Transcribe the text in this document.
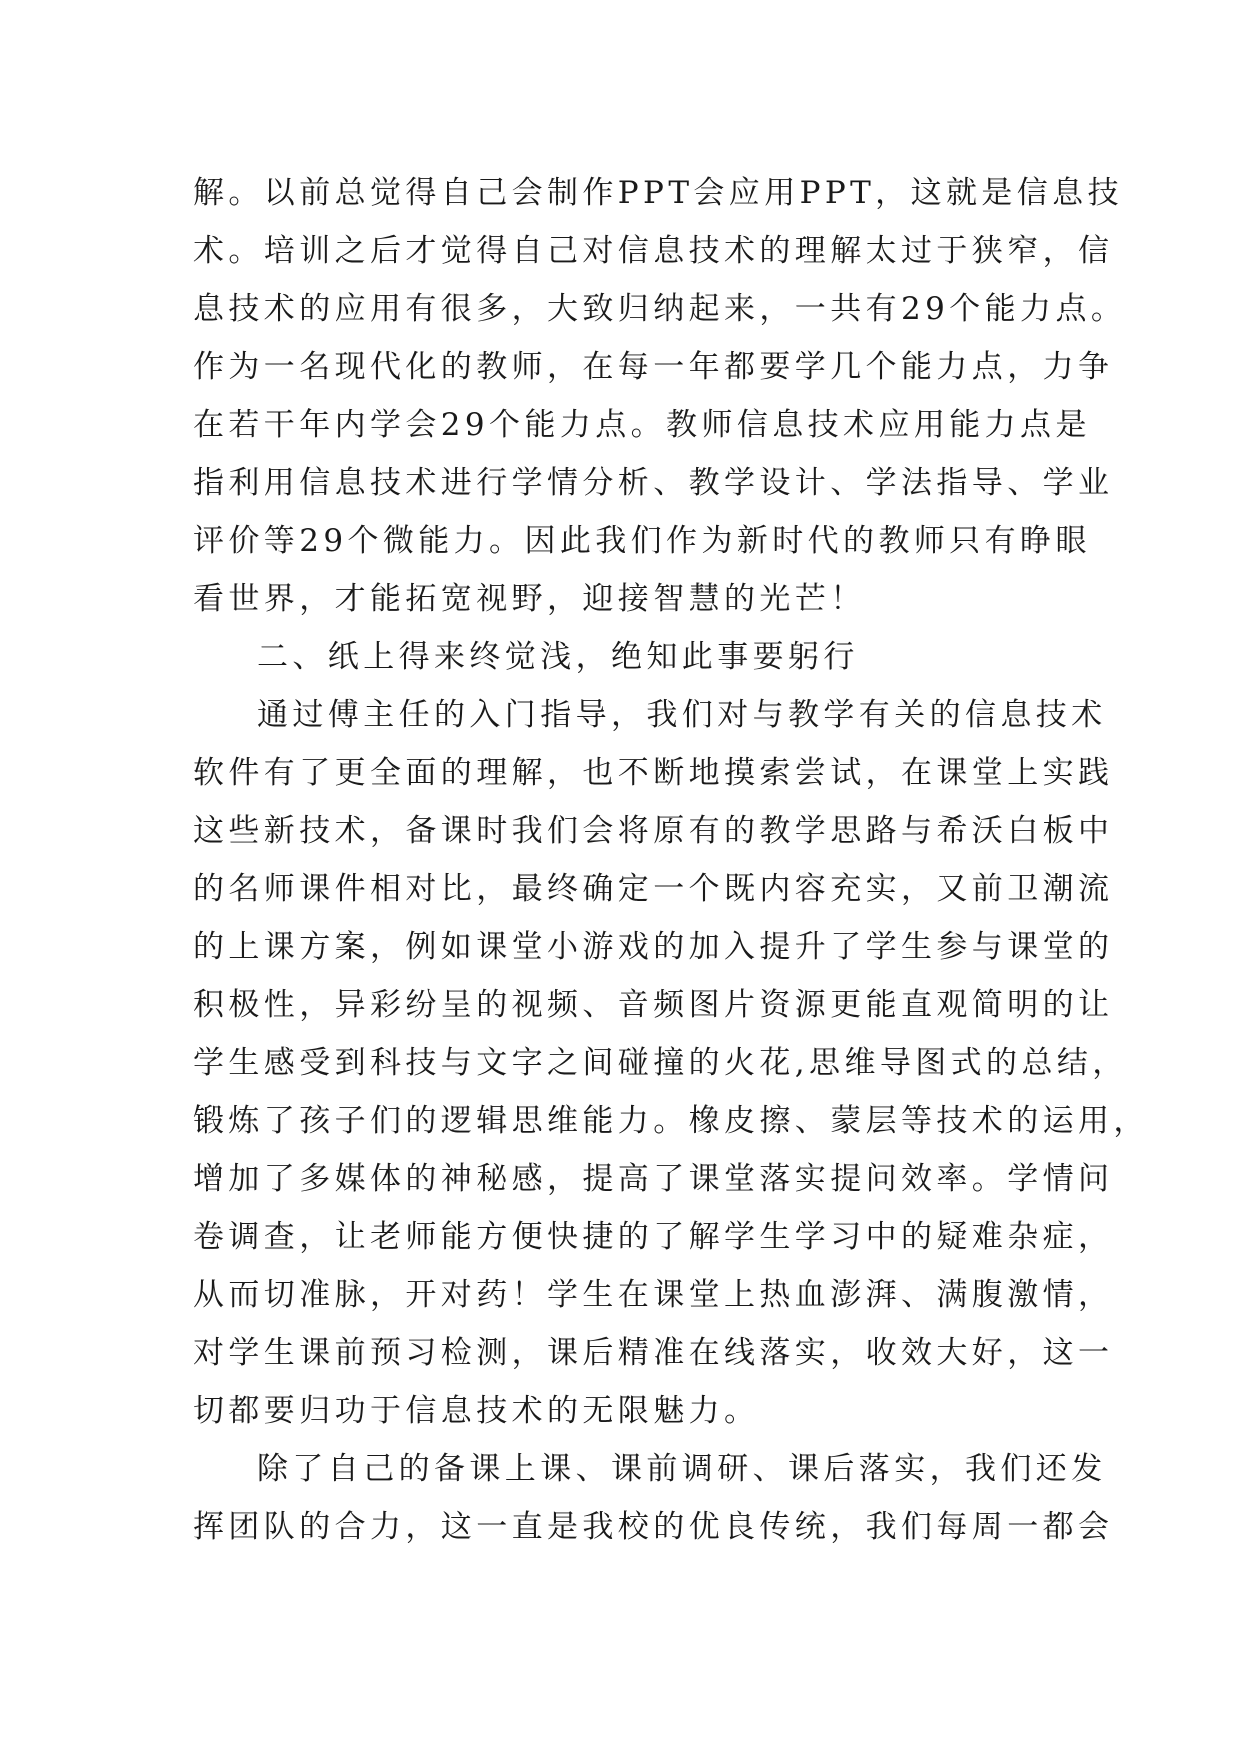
解。以前总觉得自己会制作PPT会应用PPT，这就是信息技
术。培训之后才觉得自己对信息技术的理解太过于狭窄，信
息技术的应用有很多，大致归纳起来，一共有29个能力点。
作为一名现代化的教师，在每一年都要学几个能力点，力争
在若干年内学会29个能力点。教师信息技术应用能力点是
指利用信息技术进行学情分析、教学设计、学法指导、学业
评价等29个微能力。因此我们作为新时代的教师只有睁眼
看世界，才能拓宽视野，迎接智慧的光芒！
二、纸上得来终觉浅，绝知此事要躬行
通过傅主任的入门指导，我们对与教学有关的信息技术
软件有了更全面的理解，也不断地摸索尝试，在课堂上实践
这些新技术，备课时我们会将原有的教学思路与希沃白板中
的名师课件相对比，最终确定一个既内容充实，又前卫潮流
的上课方案，例如课堂小游戏的加入提升了学生参与课堂的
积极性，异彩纷呈的视频、音频图片资源更能直观简明的让
学生感受到科技与文字之间碰撞的火花,思维导图式的总结，
锻炼了孩子们的逻辑思维能力。橡皮擦、蒙层等技术的运用，
增加了多媒体的神秘感，提高了课堂落实提问效率。学情问
卷调查，让老师能方便快捷的了解学生学习中的疑难杂症，
从而切准脉，开对药！学生在课堂上热血澎湃、满腹激情，
对学生课前预习检测，课后精准在线落实，收效大好，这一
切都要归功于信息技术的无限魅力。
除了自己的备课上课、课前调研、课后落实，我们还发
挥团队的合力，这一直是我校的优良传统，我们每周一都会
